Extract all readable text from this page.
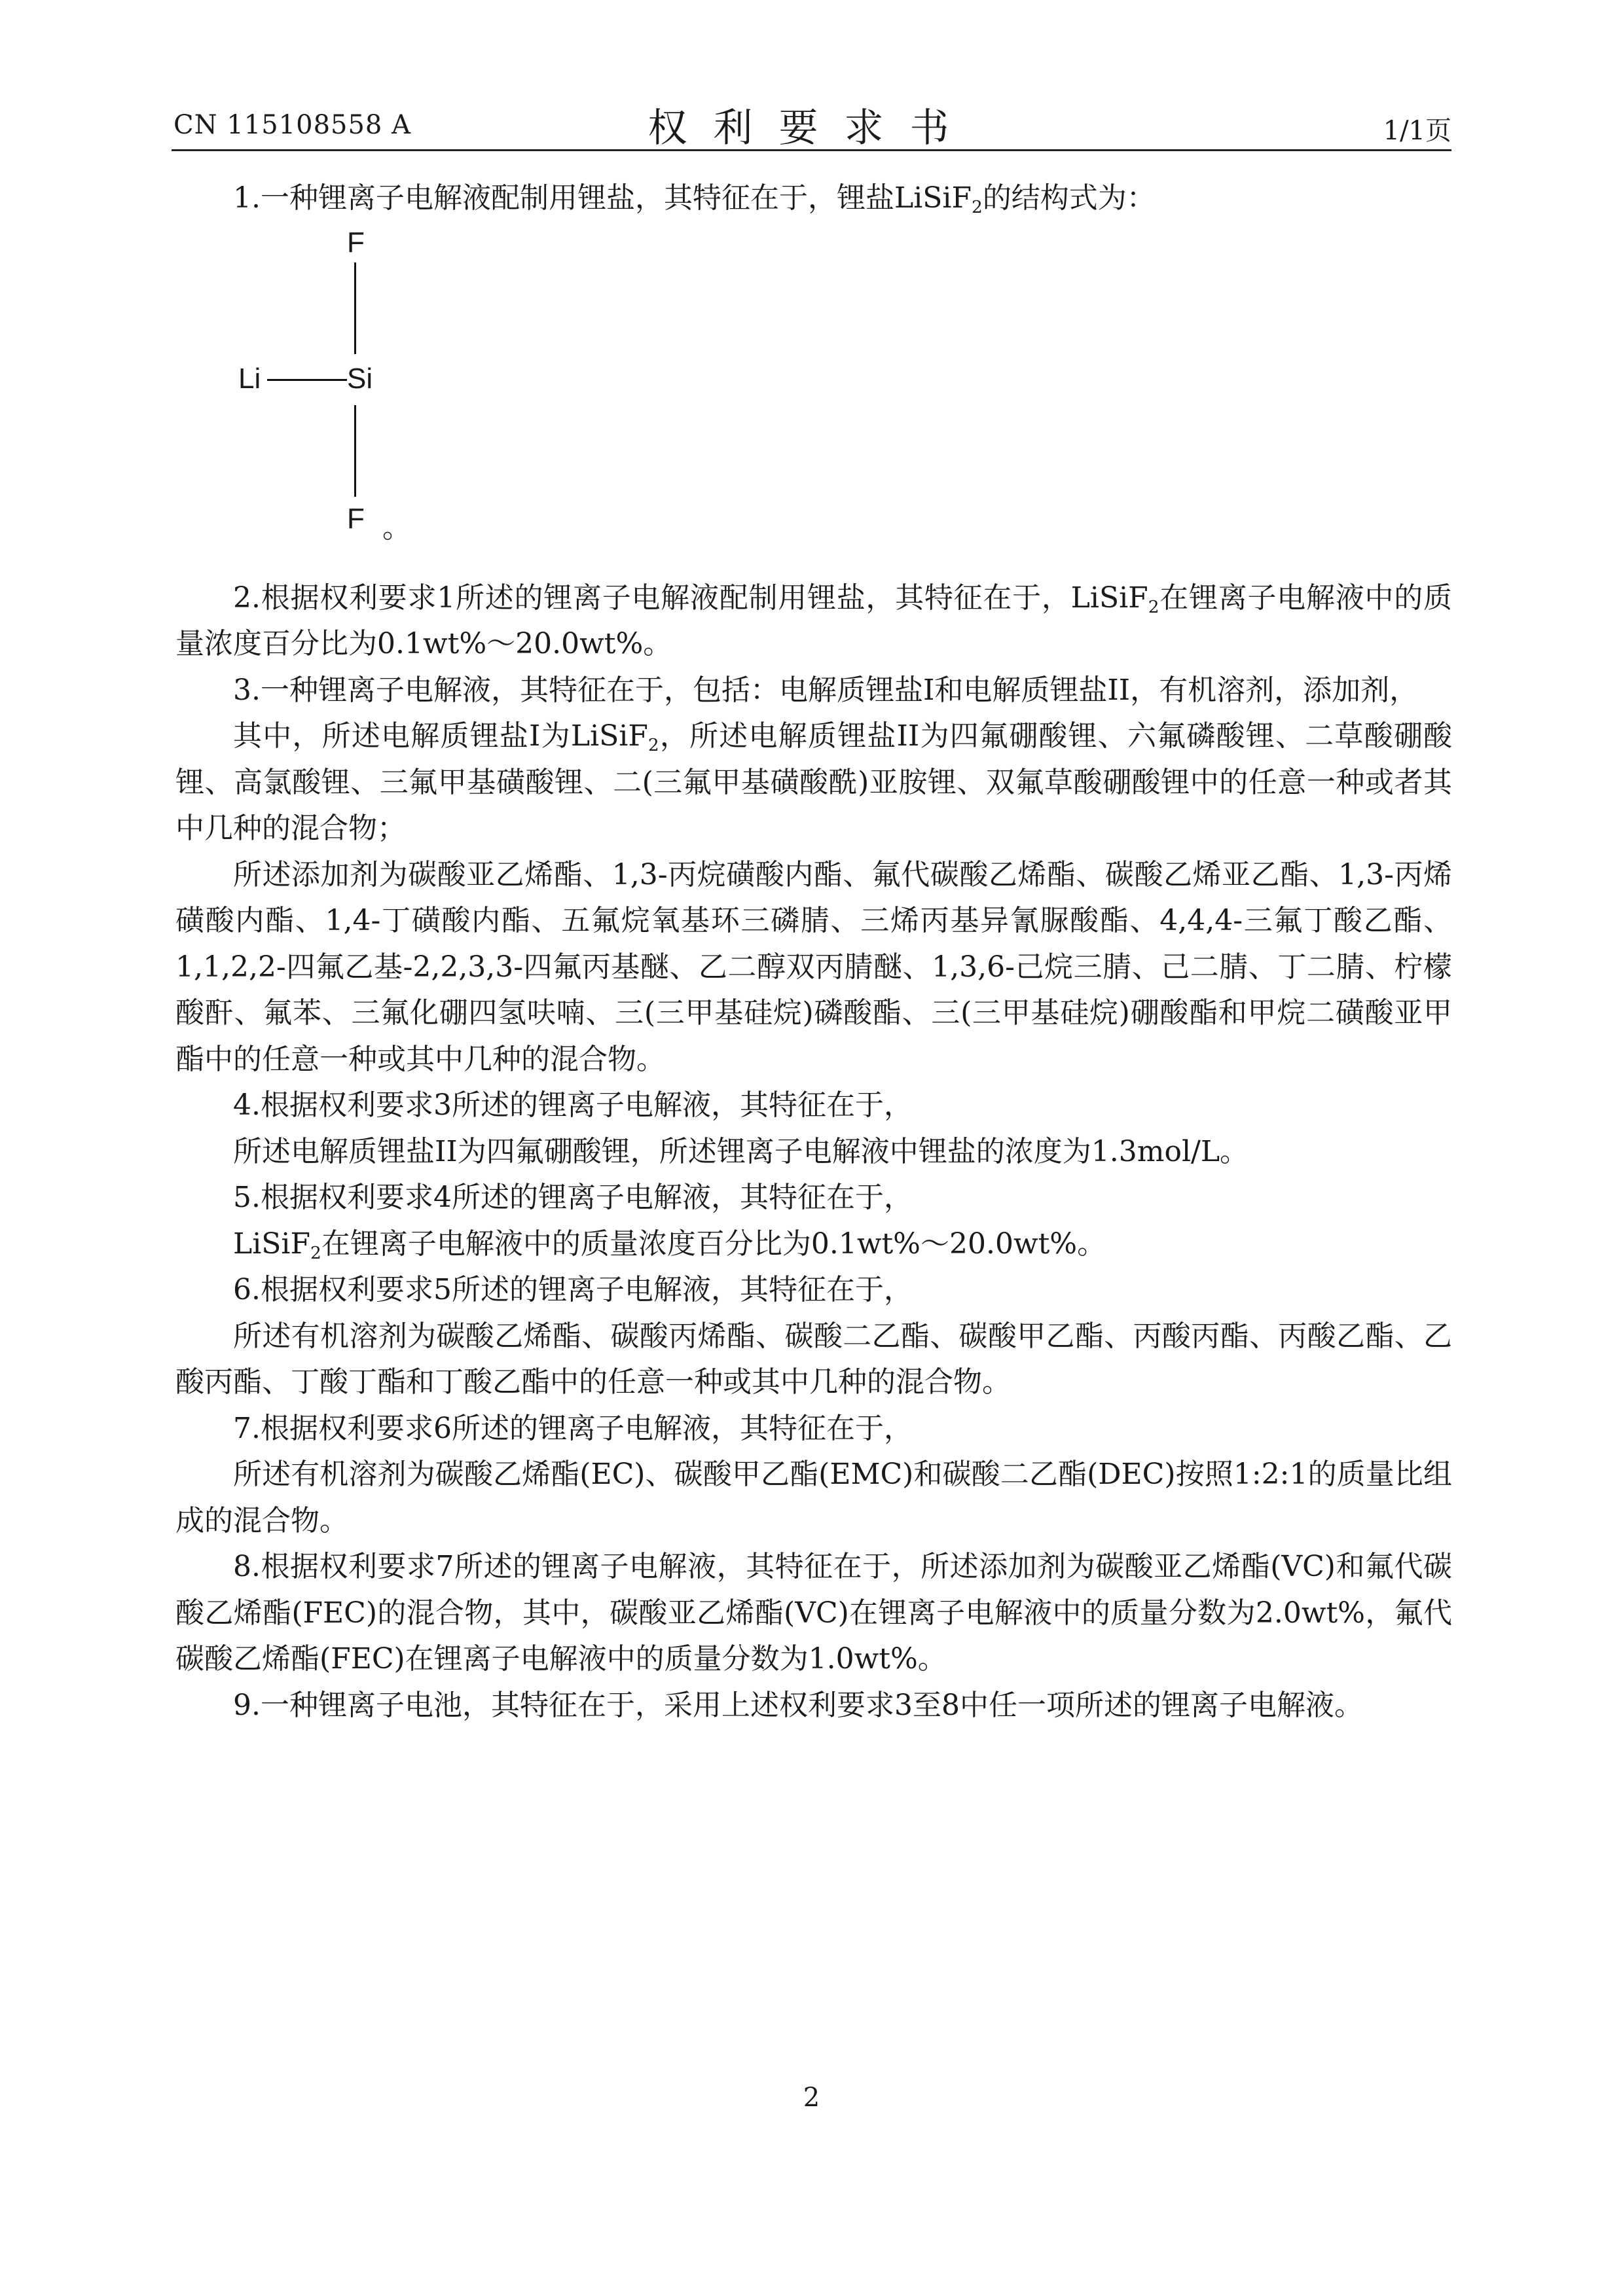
CN 115108558 A	权利要求书	1/1页

1.一种锂离子电解液配制用锂盐，其特征在于，锂盐LiSiF$_2$的结构式为：

F
Li	Si
F 。

2.根据权利要求1所述的锂离子电解液配制用锂盐，其特征在于，LiSiF$_2$在锂离子电解液中的质量浓度百分比为0.1wt%～20.0wt%。

3.一种锂离子电解液，其特征在于，包括：电解质锂盐I和电解质锂盐II，有机溶剂，添加剂，

其中，所述电解质锂盐I为LiSiF$_2$，所述电解质锂盐II为四氟硼酸锂、六氟磷酸锂、二草酸硼酸锂、高氯酸锂、三氟甲基磺酸锂、二(三氟甲基磺酸酰)亚胺锂、双氟草酸硼酸锂中的任意一种或者其中几种的混合物；

所述添加剂为碳酸亚乙烯酯、1,3-丙烷磺酸内酯、氟代碳酸乙烯酯、碳酸乙烯亚乙酯、1,3-丙烯磺酸内酯、1,4-丁磺酸内酯、五氟烷氧基环三磷腈、三烯丙基异氰脲酸酯、4,4,4-三氟丁酸乙酯、1,1,2,2-四氟乙基-2,2,3,3-四氟丙基醚、乙二醇双丙腈醚、1,3,6-己烷三腈、己二腈、丁二腈、柠檬酸酐、氟苯、三氟化硼四氢呋喃、三(三甲基硅烷)磷酸酯、三(三甲基硅烷)硼酸酯和甲烷二磺酸亚甲酯中的任意一种或其中几种的混合物。

4.根据权利要求3所述的锂离子电解液，其特征在于，

所述电解质锂盐II为四氟硼酸锂，所述锂离子电解液中锂盐的浓度为1.3mol/L。

5.根据权利要求4所述的锂离子电解液，其特征在于，

LiSiF$_2$在锂离子电解液中的质量浓度百分比为0.1wt%～20.0wt%。

6.根据权利要求5所述的锂离子电解液，其特征在于，

所述有机溶剂为碳酸乙烯酯、碳酸丙烯酯、碳酸二乙酯、碳酸甲乙酯、丙酸丙酯、丙酸乙酯、乙酸丙酯、丁酸丁酯和丁酸乙酯中的任意一种或其中几种的混合物。

7.根据权利要求6所述的锂离子电解液，其特征在于，

所述有机溶剂为碳酸乙烯酯(EC)、碳酸甲乙酯(EMC)和碳酸二乙酯(DEC)按照1:2:1的质量比组成的混合物。

8.根据权利要求7所述的锂离子电解液，其特征在于，所述添加剂为碳酸亚乙烯酯(VC)和氟代碳酸乙烯酯(FEC)的混合物，其中，碳酸亚乙烯酯(VC)在锂离子电解液中的质量分数为2.0wt%，氟代碳酸乙烯酯(FEC)在锂离子电解液中的质量分数为1.0wt%。

9.一种锂离子电池，其特征在于，采用上述权利要求3至8中任一项所述的锂离子电解液。

2
